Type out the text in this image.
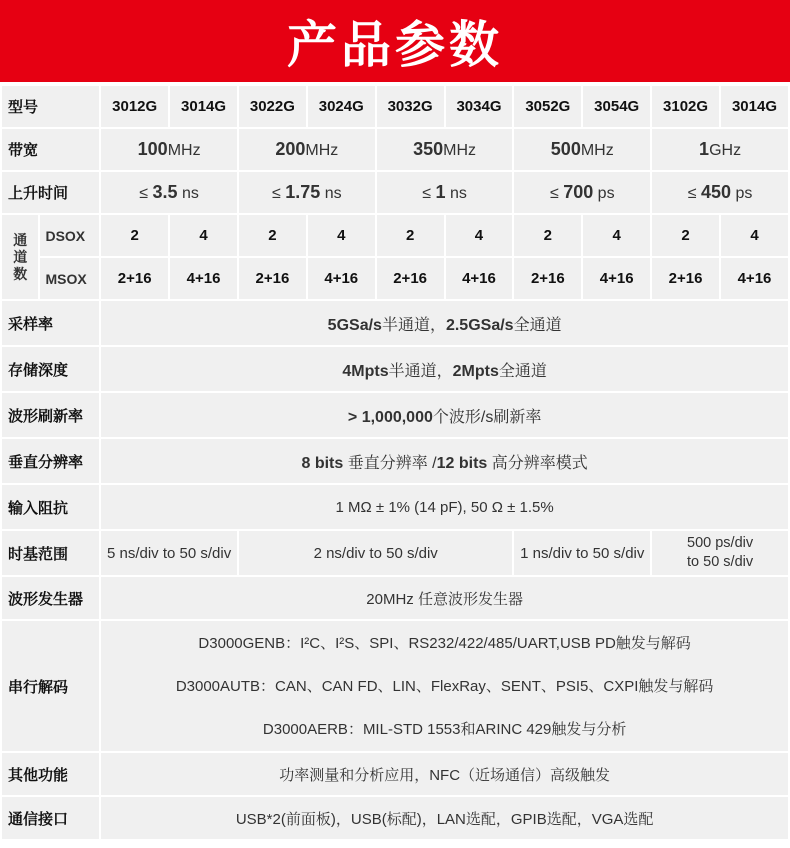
产品参数
型号		3012G	3014G	3022G	3024G	3032G	3034G	3052G	3054G	3102G	3014G
带宽		100MHz		200MHz		350MHz		500MHz		1GHz	
上升时间		≤ 3.5 ns		≤ 1.75 ns		≤ 1 ns		≤ 700 ps		≤ 450 ps	
通
道
数	DSOX	2	4	2	4	2	4	2	4	2	4
	MSOX	2+16	4+16	2+16	4+16	2+16	4+16	2+16	4+16	2+16	4+16
采样率		5GSa/s半通道，2.5GSa/s全通道									
存储深度		4Mpts半通道，2Mpts全通道									
波形刷新率		> 1,000,000个波形/s刷新率									
垂直分辨率		8 bits 垂直分辨率 /12 bits 高分辨率模式									
输入阻抗		1 MΩ ± 1% (14 pF), 50 Ω ± 1.5%									
时基范围		5 ns/div to 50 s/div		2 ns/div to 50 s/div				1 ns/div to 50 s/div		500 ps/div
to 50 s/div	
波形发生器		20MHz 任意波形发生器									
串行解码		D3000GENB：I²C、I²S、SPI、RS232/422/485/UART,USB PD触发与解码
D3000AUTB：CAN、CAN FD、LIN、FlexRay、SENT、PSI5、CXPI触发与解码
D3000AERB：MIL-STD 1553和ARINC 429触发与分析									

其他功能		功率测量和分析应用，NFC（近场通信）高级触发									
通信接口		USB*2(前面板)，USB(标配)，LAN选配，GPIB选配，VGA选配									
